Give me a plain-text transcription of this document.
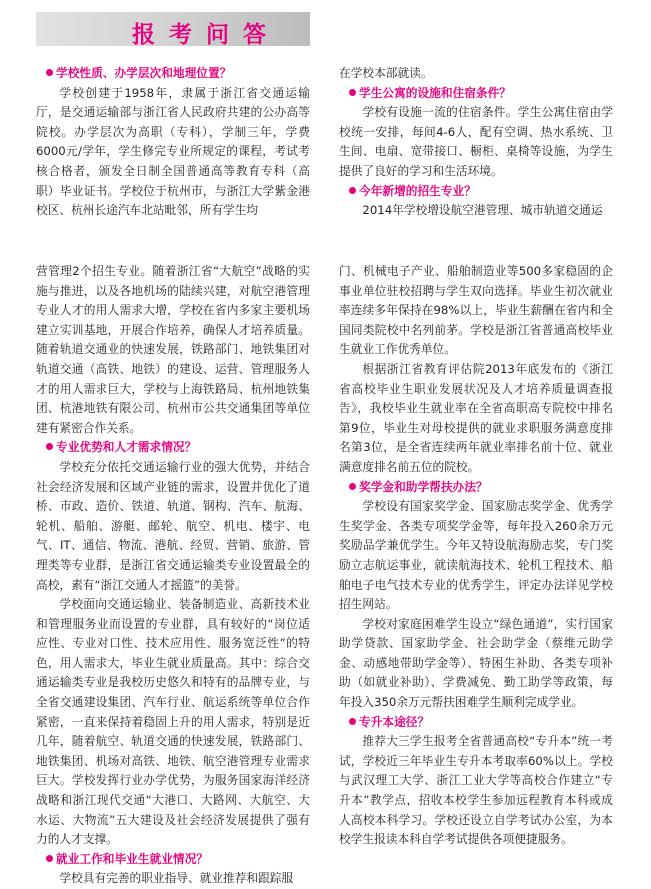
报考问答
学校性质、办学层次和地理位置？

学校创建于1958年，隶属于浙江省交通运输厅，是交通运输部与浙江省人民政府共建的公办高等院校。办学层次为高职（专科），学制三年，学费6000元/学年，学生修完专业所规定的课程，考试考核合格者，颁发全日制全国普通高等教育专科（高职）毕业证书。学校位于杭州市，与浙江大学紫金港校区、杭州长途汽车北站毗邻，所有学生均

在学校本部就读。

学生公寓的设施和住宿条件？

学校有设施一流的住宿条件。学生公寓住宿由学校统一安排，每间4-6人，配有空调、热水系统、卫生间、电扇、宽带接口、橱柜、桌椅等设施，为学生提供了良好的学习和生活环境。

今年新增的招生专业？

2014年学校增设航空港管理、城市轨道交通运

营管理2个招生专业。随着浙江省“大航空”战略的实施与推进，以及各地机场的陆续兴建，对航空港管理专业人才的用人需求大增，学校在省内多家主要机场建立实训基地，开展合作培养，确保人才培养质量。随着轨道交通业的快速发展，铁路部门、地铁集团对轨道交通（高铁、地铁）的建设、运营、管理服务人才的用人需求巨大，学校与上海铁路局、杭州地铁集团、杭港地铁有限公司、杭州市公共交通集团等单位建有紧密合作关系。

专业优势和人才需求情况？

学校充分依托交通运输行业的强大优势，并结合社会经济发展和区域产业链的需求，设置并优化了道桥、市政、造价、铁道、轨道、钢构、汽车、航海、轮机、船舶、游艇、邮轮、航空、机电、楼宇、电气、IT、通信、物流、港航、经贸、营销、旅游、管理类等专业群，是浙江省交通运输类专业设置最全的高校，素有“浙江交通人才摇篮”的美誉。

学校面向交通运输业、装备制造业、高新技术业和管理服务业而设置的专业群，具有较好的“岗位适应性、专业对口性、技术应用性、服务宽泛性”的特色，用人需求大，毕业生就业质量高。其中：综合交通运输类专业是我校历史悠久和特有的品牌专业，与全省交通建设集团、汽车行业、航运系统等单位合作紧密，一直来保持着稳固上升的用人需求，特别是近几年，随着航空、轨道交通的快速发展，铁路部门、地铁集团、机场对高铁、地铁、航空港管理专业需求巨大。学校发挥行业办学优势，为服务国家海洋经济战略和浙江现代交通“大港口、大路网、大航空、大水运、大物流”五大建设及社会经济发展提供了强有力的人才支撑。

就业工作和毕业生就业情况？

学校具有完善的职业指导、就业推荐和跟踪服

门、机械电子产业、船舶制造业等500多家稳固的企事业单位驻校招聘与学生双向选择。毕业生初次就业率连续多年保持在98%以上，毕业生薪酬在省内和全国同类院校中名列前茅。学校是浙江省普通高校毕业生就业工作优秀单位。

根据浙江省教育评估院2013年底发布的《浙江省高校毕业生职业发展状况及人才培养质量调查报告》，我校毕业生就业率在全省高职高专院校中排名第9位，毕业生对母校提供的就业求职服务满意度排名第3位，是全省连续两年就业率排名前十位、就业满意度排名前五位的院校。

奖学金和助学帮扶办法？

学校设有国家奖学金、国家励志奖学金、优秀学生奖学金、各类专项奖学金等，每年投入260余万元奖励品学兼优学生。今年又特设航海励志奖，专门奖励立志航运事业，就读航海技术、轮机工程技术、船舶电子电气技术专业的优秀学生，评定办法详见学校招生网站。

学校对家庭困难学生设立“绿色通道”，实行国家助学贷款、国家助学金、社会助学金（蔡维元助学金、动感地带助学金等）、特困生补助、各类专项补助（如就业补助）、学费减免、勤工助学等政策，每年投入350余万元帮扶困难学生顺利完成学业。

专升本途径？

推荐大三学生报考全省普通高校“专升本”统一考试，学校近三年毕业生专升本考取率60%以上。学校与武汉理工大学、浙江工业大学等高校合作建立“专升本”教学点，招收本校学生参加远程教育本科或成人高校本科学习。学校还设立自学考试办公室，为本校学生报读本科自学考试提供各项便捷服务。
